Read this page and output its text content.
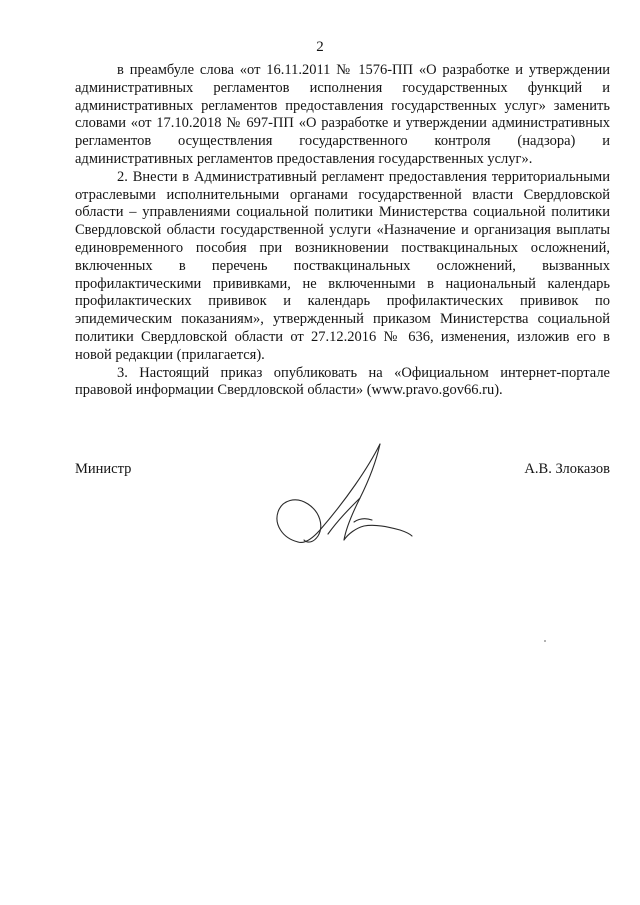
2

в преамбуле слова «от 16.11.2011 № 1576-ПП «О разработке и утверждении административных регламентов исполнения государственных функций и административных регламентов предоставления государственных услуг» заменить словами «от 17.10.2018 № 697-ПП «О разработке и утверждении административных регламентов осуществления государственного контроля (надзора) и административных регламентов предоставления государственных услуг».

2. Внести в Административный регламент предоставления территориальными отраслевыми исполнительными органами государственной власти Свердловской области – управлениями социальной политики Министерства социальной политики Свердловской области государственной услуги «Назначение и организация выплаты единовременного пособия при возникновении поствакцинальных осложнений, включенных в перечень поствакцинальных осложнений, вызванных профилактическими прививками, не включенными в национальный календарь профилактических прививок и календарь профилактических прививок по эпидемическим показаниям», утвержденный приказом Министерства социальной политики Свердловской области от 27.12.2016 № 636, изменения, изложив его в новой редакции (прилагается).

3. Настоящий приказ опубликовать на «Официальном интернет-портале правовой информации Свердловской области» (www.pravo.gov66.ru).

Министр	А.В. Злоказов
